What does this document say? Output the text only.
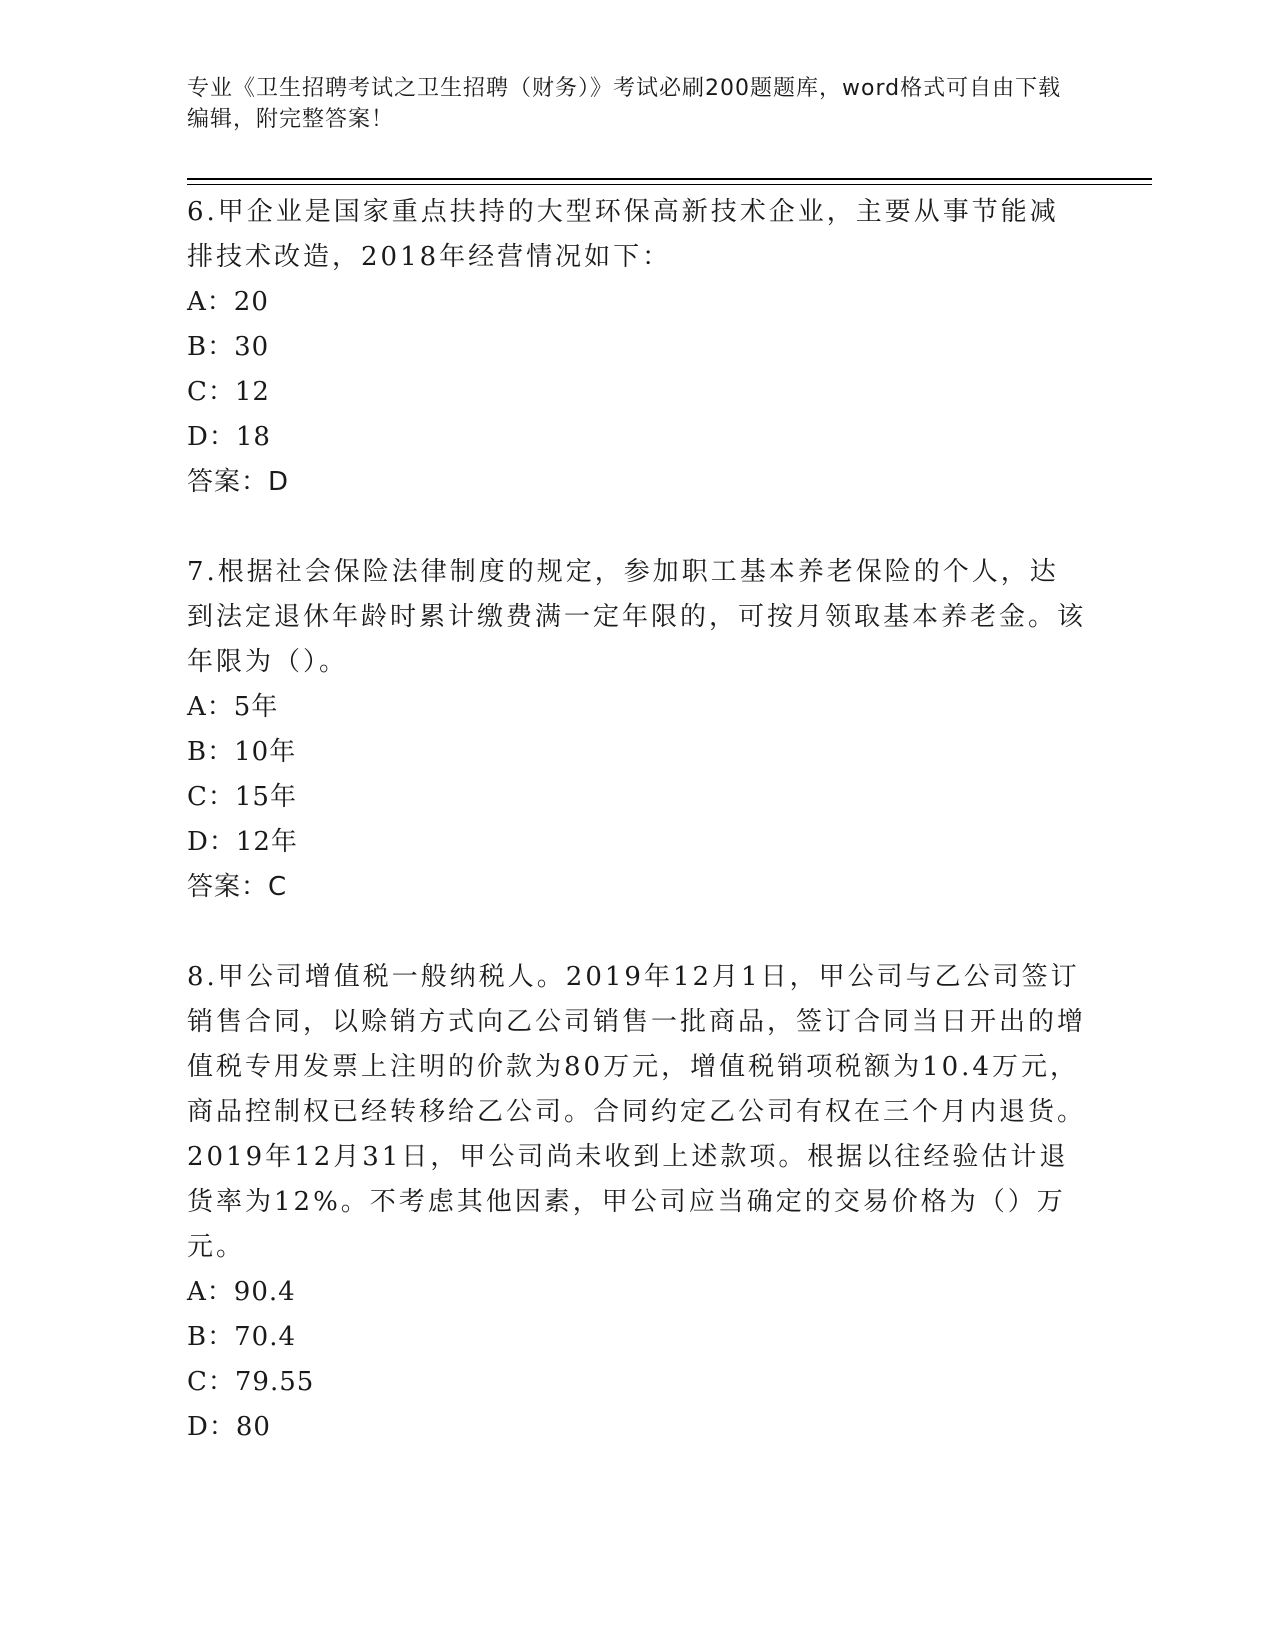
专业《卫生招聘考试之卫生招聘（财务）》考试必刷200题题库，word格式可自由下载编辑，附完整答案！

6.甲企业是国家重点扶持的大型环保高新技术企业，主要从事节能减排技术改造，2018年经营情况如下：

A：20

B：30

C：12

D：18

答案：D

7.根据社会保险法律制度的规定，参加职工基本养老保险的个人，达到法定退休年龄时累计缴费满一定年限的，可按月领取基本养老金。该年限为（）。

A：5年

B：10年

C：15年

D：12年

答案：C

8.甲公司增值税一般纳税人。2019年12月1日，甲公司与乙公司签订销售合同，以赊销方式向乙公司销售一批商品，签订合同当日开出的增值税专用发票上注明的价款为80万元，增值税销项税额为10.4万元，商品控制权已经转移给乙公司。合同约定乙公司有权在三个月内退货。2019年12月31日，甲公司尚未收到上述款项。根据以往经验估计退货率为12%。不考虑其他因素，甲公司应当确定的交易价格为（）万元。

A：90.4

B：70.4

C：79.55

D：80
